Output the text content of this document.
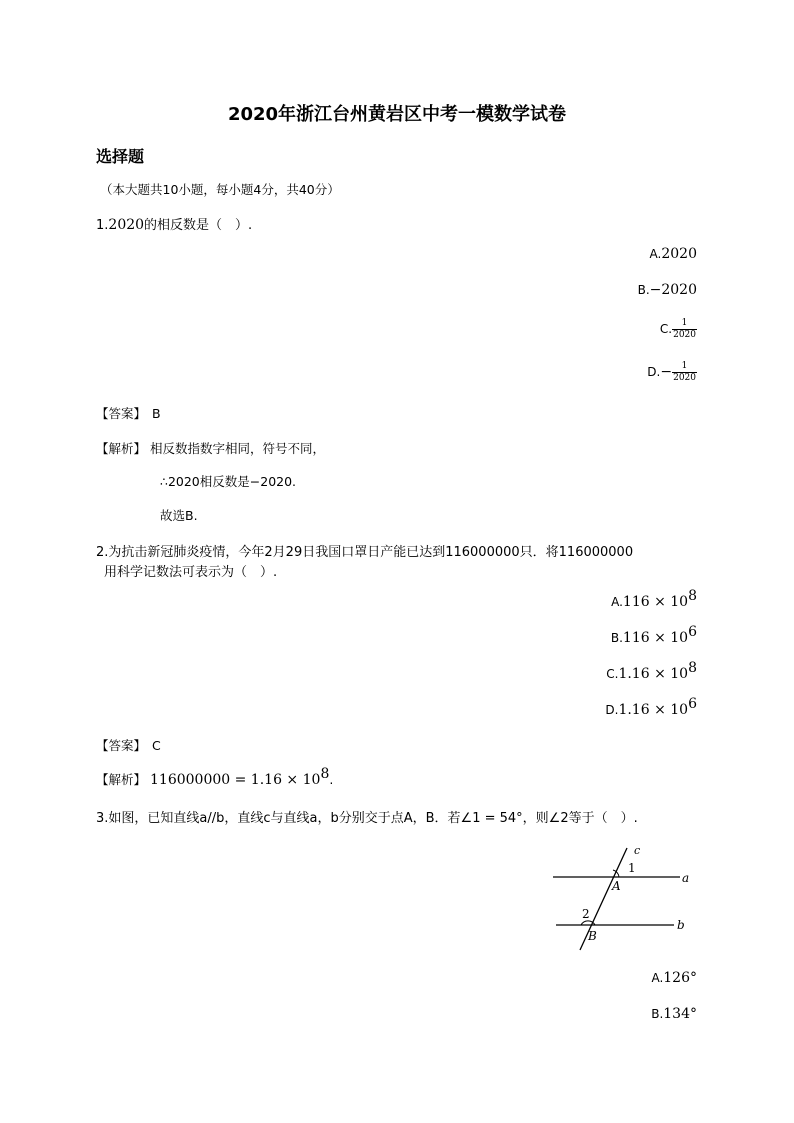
2020年浙江台州黄岩区中考一模数学试卷
选择题
（本大题共10小题，每小题4分，共40分）
1.2020的相反数是（　）.
A.2020
B.−2020
C. $\frac{1}{2020}$
$D.- \frac{1}{2020}$
【答案】 B
【解析】 相反数指数字相同，符号不同，
∴2020相反数是−2020.
故选B.
2.为抗击新冠肺炎疫情，今年2月29日我国口罩日产能已达到116000000只．将116000000
用科学记数法可表示为（　）.
$A.116 \times 10^8$
$B.116 \times 10^6$
$C.1.16 \times 10^8$
$D.1.16 \times 10^6$
【答案】 C
【解析】 $116000000 = 1.16 \times 10^8$.
3.如图，已知直线a//b，直线c与直线a，b分别交于点A，B．若∠1 = 54°，则∠2等于（　）.
c
a
b
1
2
A
B
A.126°
B.134°
